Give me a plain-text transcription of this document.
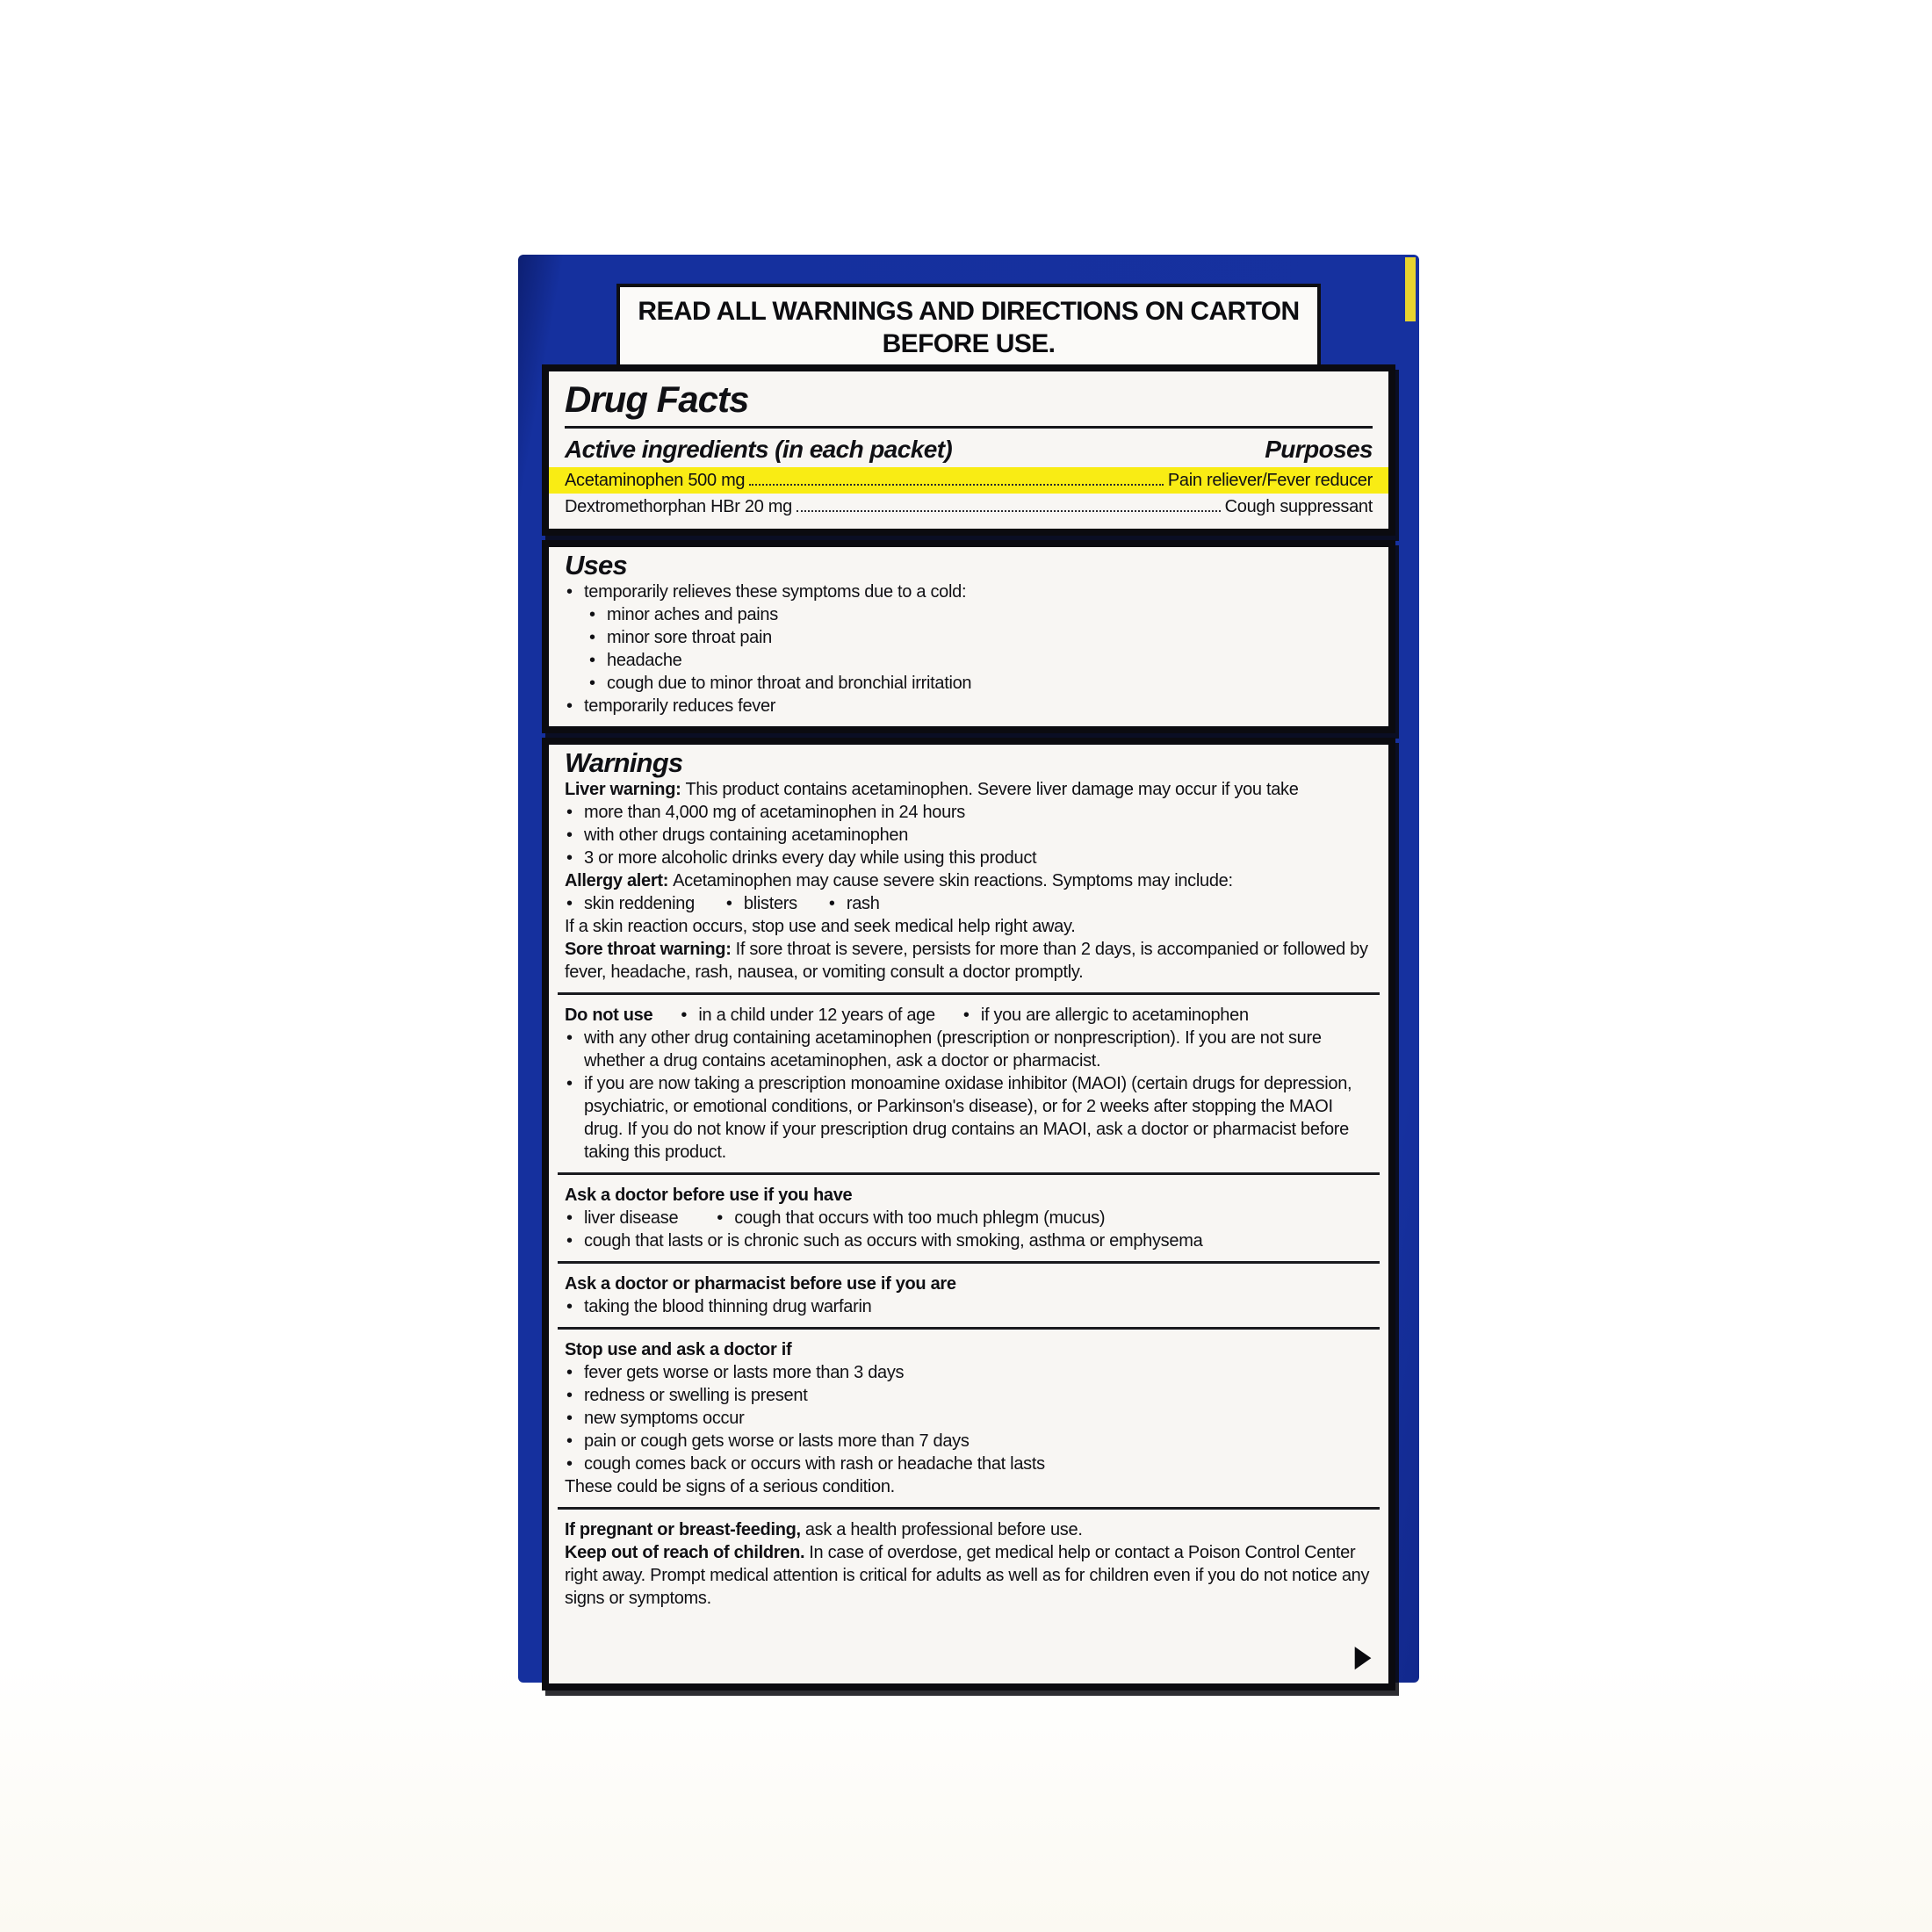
READ ALL WARNINGS AND DIRECTIONS ON CARTON BEFORE USE.
Drug Facts
Active ingredients (in each packet)	Purposes
Acetaminophen 500 mg	Pain reliever/Fever reducer
Dextromethorphan HBr 20 mg	Cough suppressant
Uses
• temporarily relieves these symptoms due to a cold:
• minor aches and pains
• minor sore throat pain
• headache
• cough due to minor throat and bronchial irritation
• temporarily reduces fever
Warnings

Liver warning: This product contains acetaminophen. Severe liver damage may occur if you take

• more than 4,000 mg of acetaminophen in 24 hours
• with other drugs containing acetaminophen
• 3 or more alcoholic drinks every day while using this product

Allergy alert: Acetaminophen may cause severe skin reactions. Symptoms may include:

• skin reddening	• blisters	• rash

If a skin reaction occurs, stop use and seek medical help right away.

Sore throat warning: If sore throat is severe, persists for more than 2 days, is accompanied or followed by fever, headache, rash, nausea, or vomiting consult a doctor promptly.

Do not use	• in a child under 12 years of age	• if you are allergic to acetaminophen
• with any other drug containing acetaminophen (prescription or nonprescription). If you are not sure whether a drug contains acetaminophen, ask a doctor or pharmacist.
• if you are now taking a prescription monoamine oxidase inhibitor (MAOI) (certain drugs for depression, psychiatric, or emotional conditions, or Parkinson's disease), or for 2 weeks after stopping the MAOI drug. If you do not know if your prescription drug contains an MAOI, ask a doctor or pharmacist before taking this product.

Ask a doctor before use if you have

• liver disease	• cough that occurs with too much phlegm (mucus)
• cough that lasts or is chronic such as occurs with smoking, asthma or emphysema

Ask a doctor or pharmacist before use if you are

• taking the blood thinning drug warfarin

Stop use and ask a doctor if

• fever gets worse or lasts more than 3 days
• redness or swelling is present
• new symptoms occur
• pain or cough gets worse or lasts more than 7 days
• cough comes back or occurs with rash or headache that lasts

These could be signs of a serious condition.

If pregnant or breast-feeding, ask a health professional before use.

Keep out of reach of children. In case of overdose, get medical help or contact a Poison Control Center right away. Prompt medical attention is critical for adults as well as for children even if you do not notice any signs or symptoms.

▶
